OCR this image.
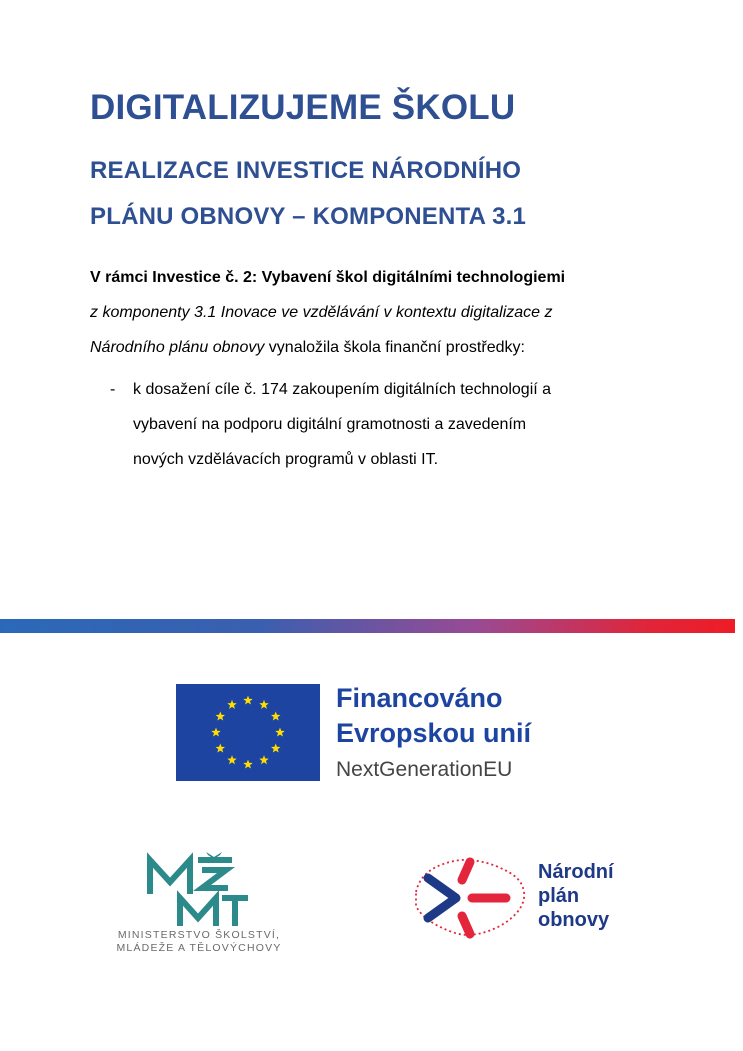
DIGITALIZUJEME ŠKOLU
REALIZACE INVESTICE NÁRODNÍHO
PLÁNU OBNOVY – KOMPONENTA 3.1
V rámci Investice č. 2: Vybavení škol digitálními technologiemi
z komponenty 3.1 Inovace ve vzdělávání v kontextu digitalizace z
Národního plánu obnovy vynaložila škola finanční prostředky:
- k dosažení cíle č. 174 zakoupením digitálních technologií a
vybavení na podporu digitální gramotnosti a zavedením
nových vzdělávacích programů v oblasti IT.

Financováno

Evropskou unií

NextGenerationEU

MINISTERSTVO ŠKOLSTVÍ,
MLÁDEŽE A TĚLOVÝCHOVY
Národní
plán
obnovy
